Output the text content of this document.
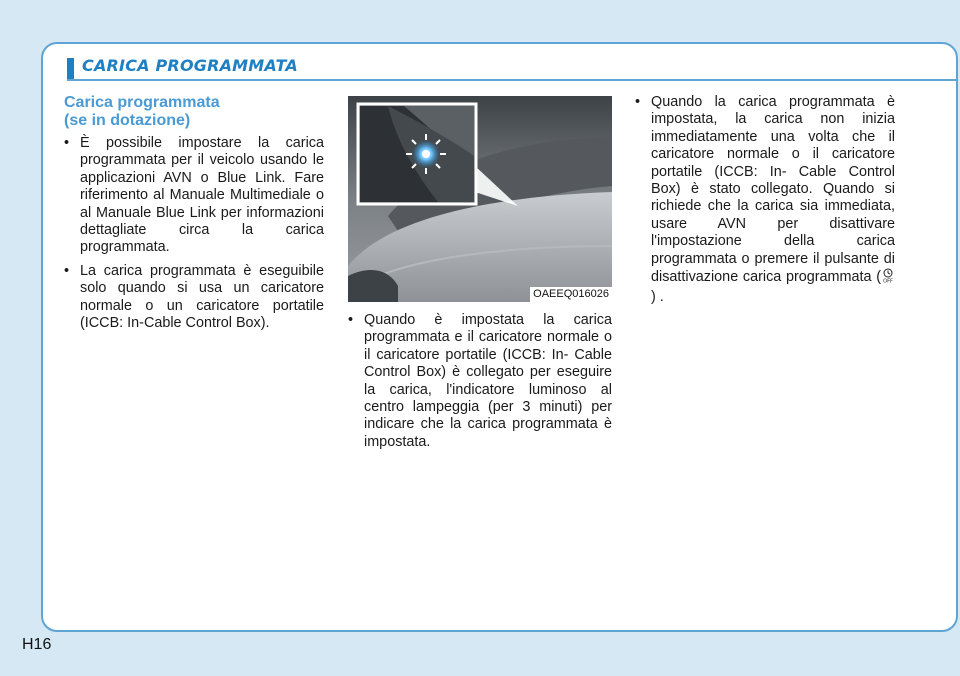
CARICA PROGRAMMATA
Carica programmata
(se in dotazione)
• È possibile impostare la carica programmata per il veicolo usando le applicazioni AVN o Blue Link. Fare riferimento al Manuale Multimediale o al Manuale Blue Link per informazioni dettagliate circa la carica programmata.
• La carica programmata è eseguibile solo quando si usa un caricatore normale o un caricatore portatile (ICCB: In-Cable Control Box).
OAEEQ016026
• Quando è impostata la carica programmata e il caricatore normale o il caricatore portatile (ICCB: In- Cable Control Box) è collegato per eseguire la carica, l'indicatore luminoso al centro lampeggia (per 3 minuti) per indicare che la carica programmata è impostata.
• Quando la carica programmata è impostata, la carica non inizia immediatamente una volta che il caricatore normale o il caricatore portatile (ICCB: In- Cable Control Box) è stato collegato. Quando si richiede che la carica sia immediata, usare AVN per disattivare l'impostazione della carica programmata o premere il pulsante di disattivazione carica programmata ( OFF
) .
H16
